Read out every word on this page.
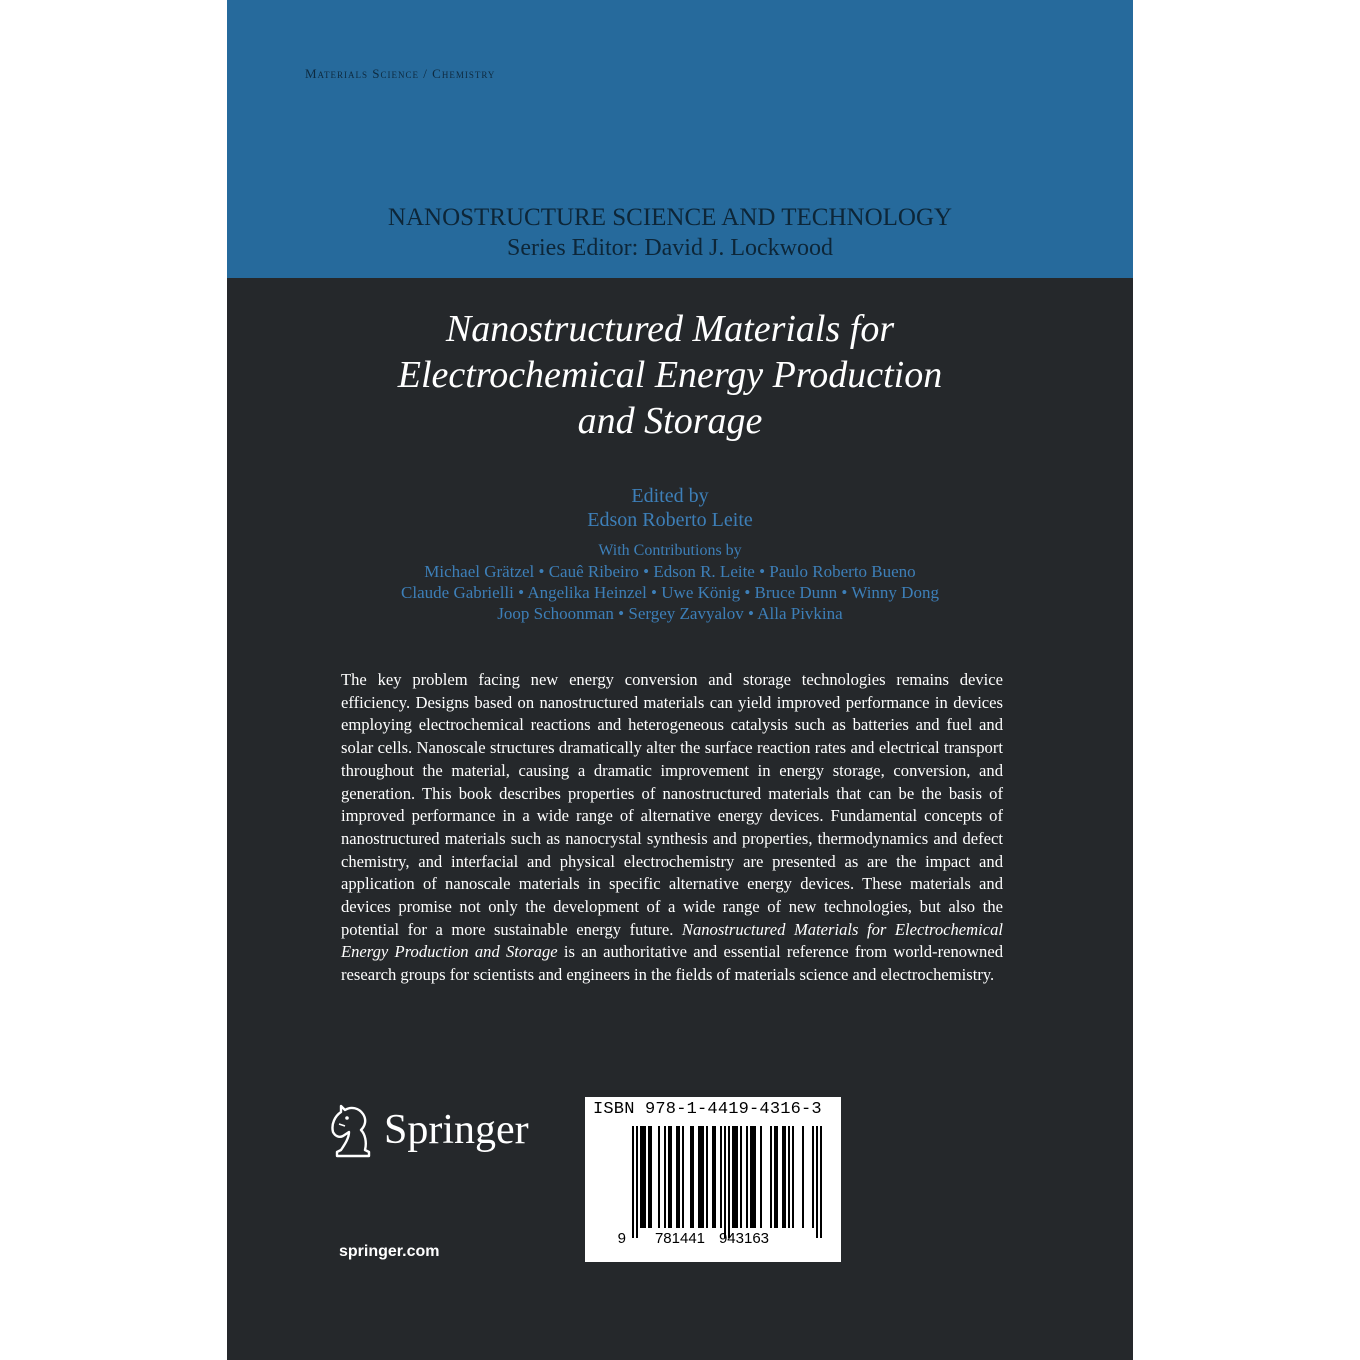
Materials Science / Chemistry
NANOSTRUCTURE SCIENCE AND TECHNOLOGY
Series Editor: David J. Lockwood
Nanostructured Materials for
Electrochemical Energy Production
and Storage
Edited by
Edson Roberto Leite
With Contributions by
Michael Grätzel • Cauê Ribeiro • Edson R. Leite • Paulo Roberto Bueno
Claude Gabrielli • Angelika Heinzel • Uwe König • Bruce Dunn • Winny Dong
Joop Schoonman • Sergey Zavyalov • Alla Pivkina
The key problem facing new energy conversion and storage technologies remains device efficiency. Designs based on nanostructured materials can yield improved performance in devices employing electrochemical reactions and heterogeneous catalysis such as batteries and fuel and solar cells. Nanoscale structures dramatically alter the surface reaction rates and electrical transport throughout the material, causing a dramatic improvement in energy storage, conversion, and generation. This book describes properties of nanostructured materials that can be the basis of improved performance in a wide range of alternative energy devices. Fundamental concepts of nanostructured materials such as nanocrystal synthesis and properties, thermodynamics and defect chemistry, and interfacial and physical electrochemistry are presented as are the impact and application of nanoscale materials in specific alternative energy devices. These materials and devices promise not only the development of a wide range of new technologies, but also the potential for a more sustainable energy future. Nanostructured Materials for Electrochemical Energy Production and Storage is an authoritative and essential reference from world-renowned research groups for scientists and engineers in the fields of materials science and electrochemistry.
Springer
springer.com
ISBN 978-1-4419-4316-3
9 781441 943163
